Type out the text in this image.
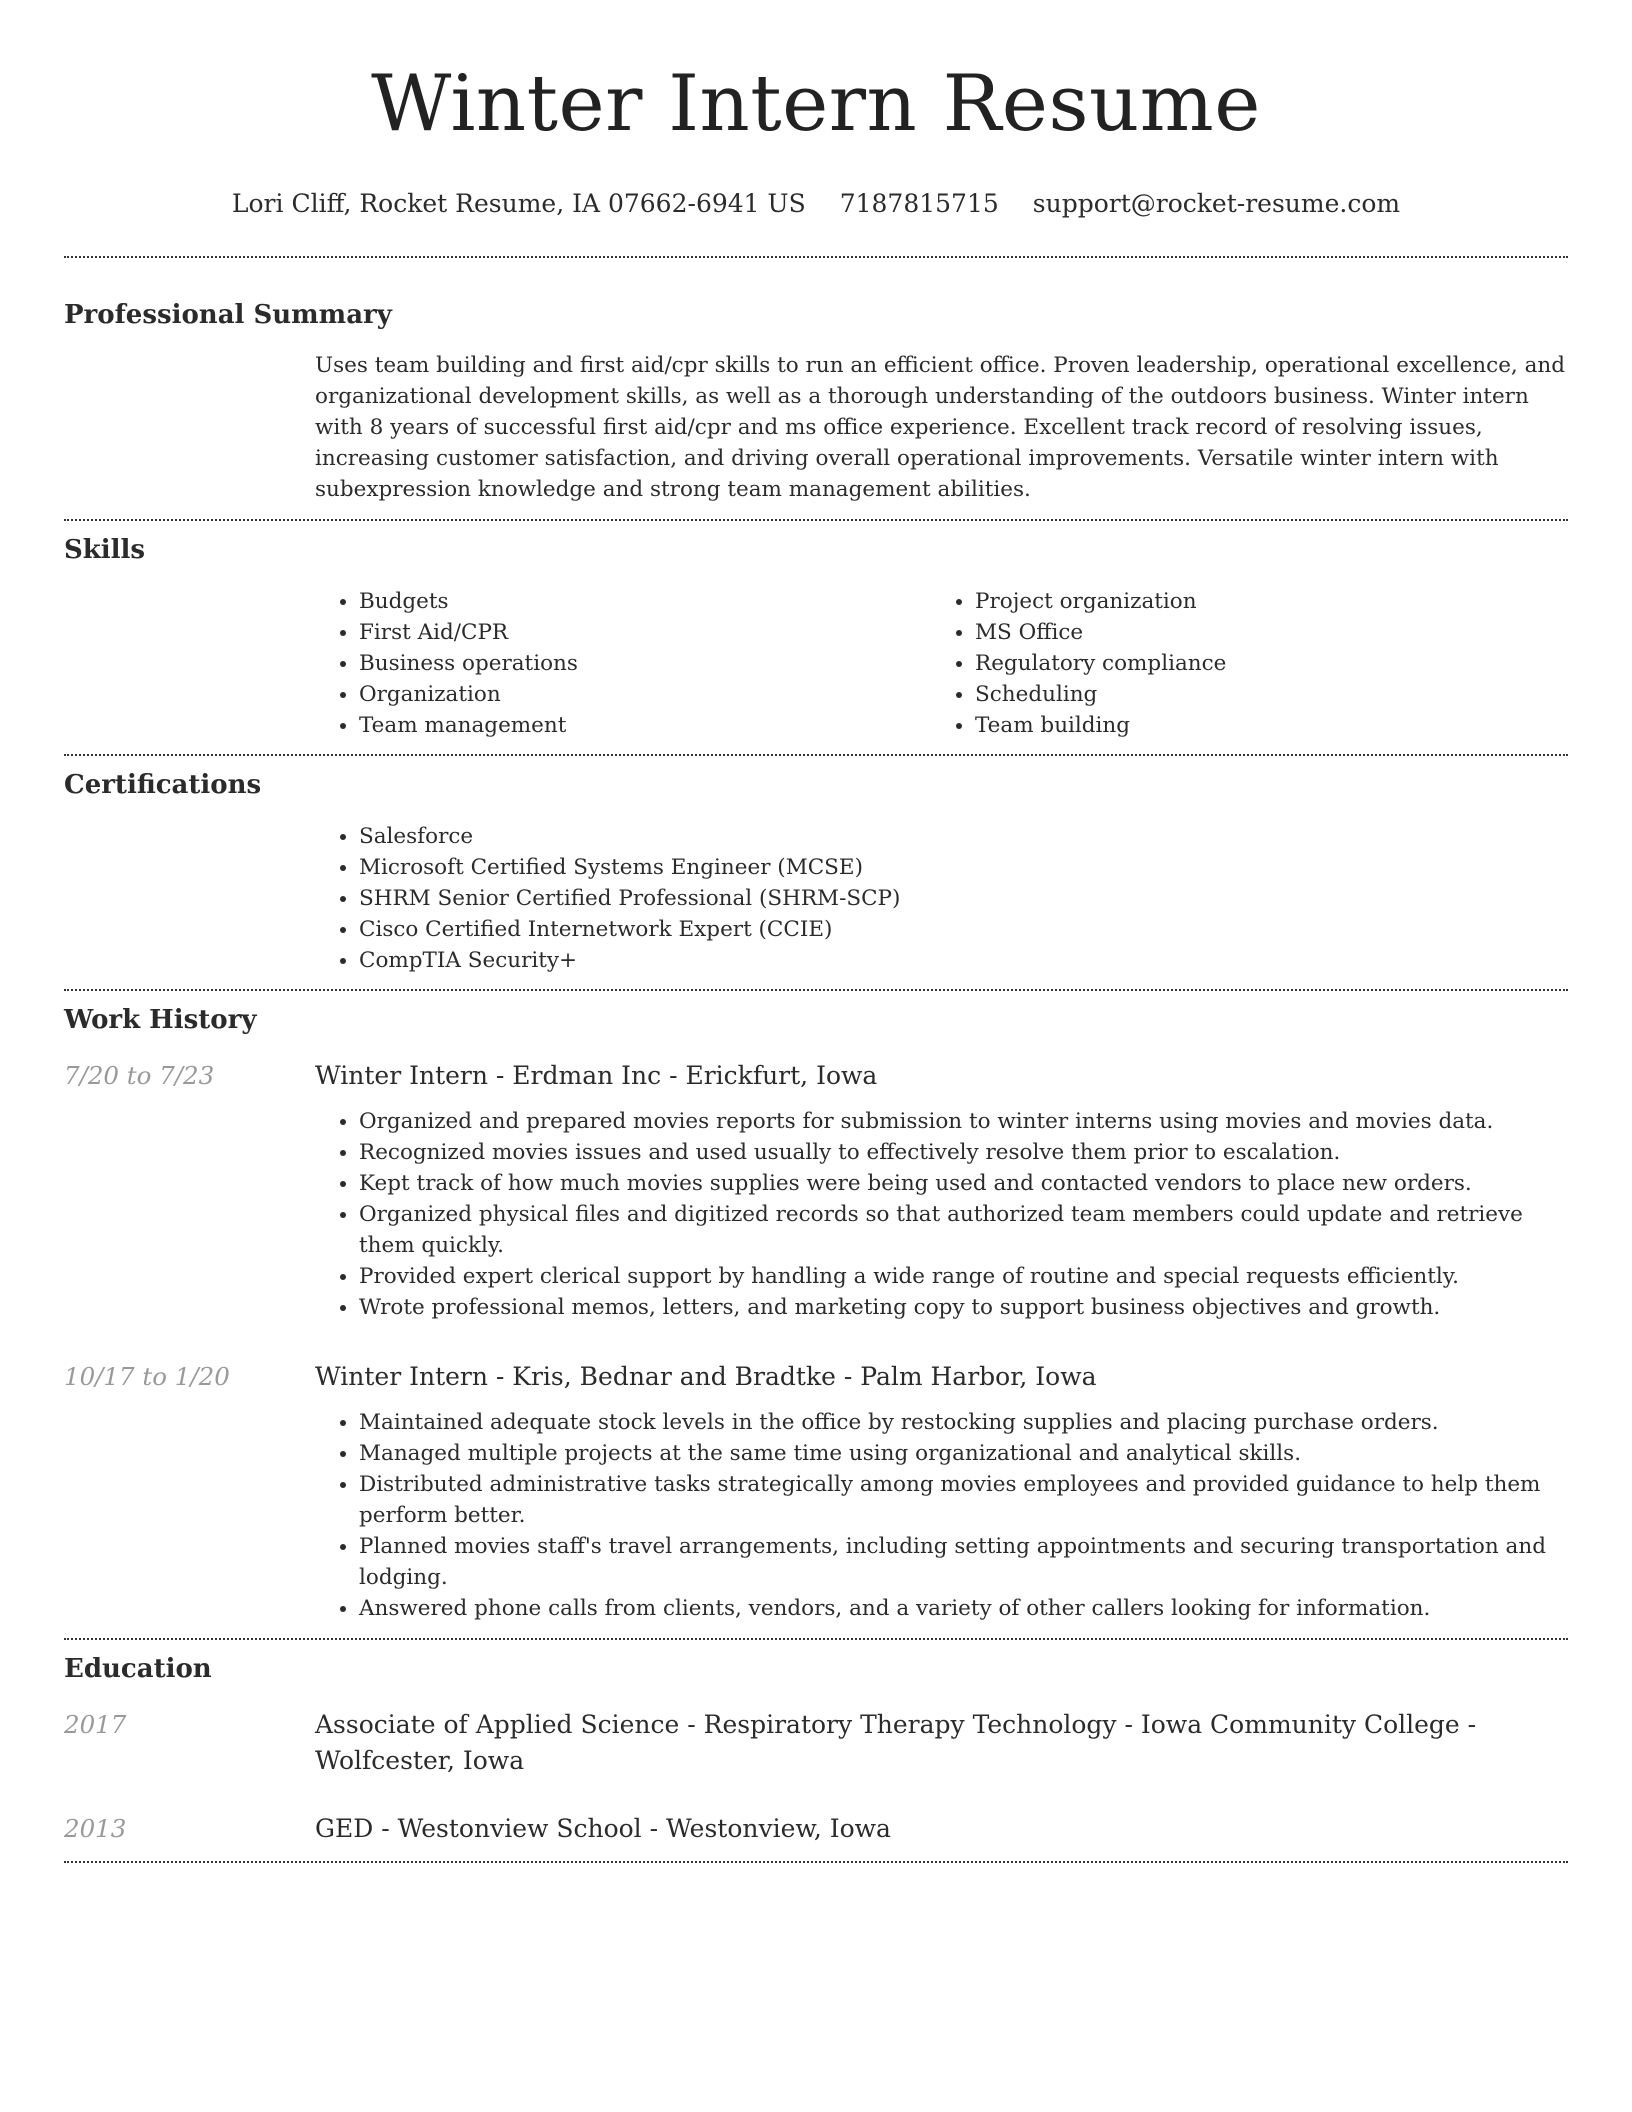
Winter Intern Resume
Lori Cliff, Rocket Resume, IA 07662-6941 US 7187815715 support@rocket-resume.com
Professional Summary

Uses team building and first aid/cpr skills to run an efficient office. Proven leadership, operational excellence, and organizational development skills, as well as a thorough understanding of the outdoors business. Winter intern with 8 years of successful first aid/cpr and ms office experience. Excellent track record of resolving issues, increasing customer satisfaction, and driving overall operational improvements. Versatile winter intern with subexpression knowledge and strong team management abilities.

Skills
• Budgets
• First Aid/CPR
• Business operations
• Organization
• Team management
• Project organization
• MS Office
• Regulatory compliance
• Scheduling
• Team building
Certifications
• Salesforce
• Microsoft Certified Systems Engineer (MCSE)
• SHRM Senior Certified Professional (SHRM-SCP)
• Cisco Certified Internetwork Expert (CCIE)
• CompTIA Security+
Work History
7/20 to 7/23	Winter Intern - Erdman Inc - Erickfurt, Iowa
• Organized and prepared movies reports for submission to winter interns using movies and movies data.
• Recognized movies issues and used usually to effectively resolve them prior to escalation.
• Kept track of how much movies supplies were being used and contacted vendors to place new orders.
• Organized physical files and digitized records so that authorized team members could update and retrieve them quickly.
• Provided expert clerical support by handling a wide range of routine and special requests efficiently.
• Wrote professional memos, letters, and marketing copy to support business objectives and growth.
10/17 to 1/20	Winter Intern - Kris, Bednar and Bradtke - Palm Harbor, Iowa
• Maintained adequate stock levels in the office by restocking supplies and placing purchase orders.
• Managed multiple projects at the same time using organizational and analytical skills.
• Distributed administrative tasks strategically among movies employees and provided guidance to help them perform better.
• Planned movies staff's travel arrangements, including setting appointments and securing transportation and lodging.
• Answered phone calls from clients, vendors, and a variety of other callers looking for information.
Education
2017	Associate of Applied Science - Respiratory Therapy Technology - Iowa Community College - Wolfcester, Iowa
2013	GED - Westonview School - Westonview, Iowa
